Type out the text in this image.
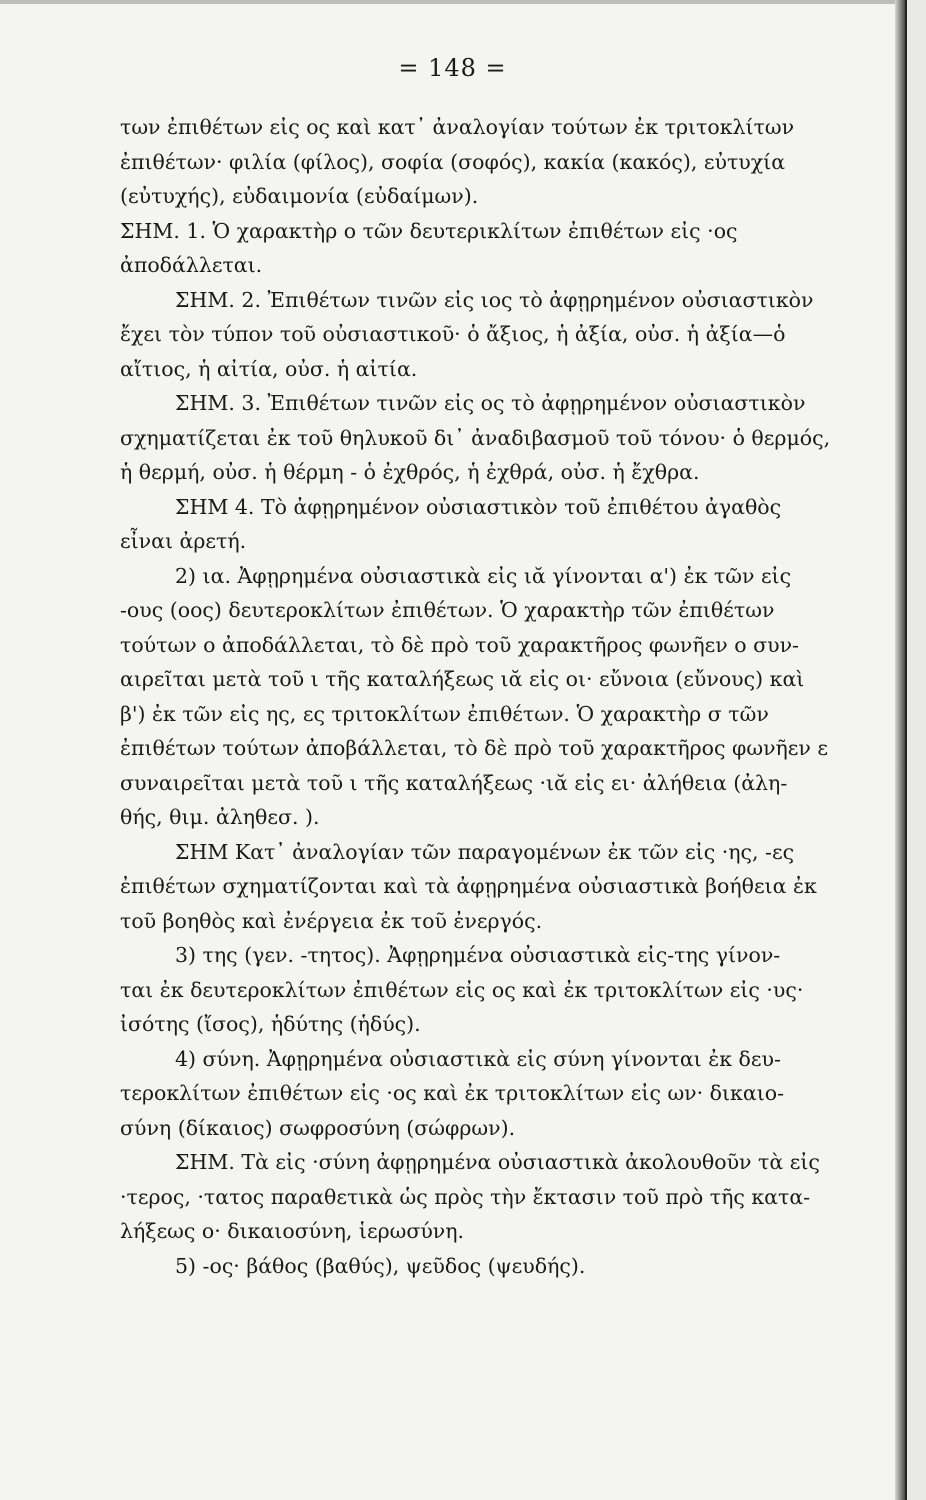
= 148 =
των ἐπιθέτων εἰς ος καὶ κατ᾿ ἀναλογίαν τούτων ἐκ τριτοκλίτων
ἐπιθέτων· φιλία (φίλος), σοφία (σοφός), κακία (κακός), εὐτυχία
(εὐτυχής), εὐδαιμονία (εὐδαίμων).
ΣΗΜ. 1. Ὁ χαρακτὴρ ο τῶν δευτερικλίτων ἐπιθέτων εἰς ·ος
ἀποδάλλεται.
ΣΗΜ. 2. Ἐπιθέτων τινῶν εἰς ιος τὸ ἀφῃρημένον οὐσιαστικὸν
ἔχει τὸν τύπον τοῦ οὐσιαστικοῦ· ὁ ἄξιος, ἡ ἀξία, οὐσ. ἡ ἀξία—ὁ
αἴτιος, ἡ αἰτία, οὐσ. ἡ αἰτία.
ΣΗΜ. 3. Ἐπιθέτων τινῶν εἰς ος τὸ ἀφῃρημένον οὐσιαστικὸν
σχηματίζεται ἐκ τοῦ θηλυκοῦ δι᾿ ἀναδιβασμοῦ τοῦ τόνου· ὁ θερμός,
ἡ θερμή, οὐσ. ἡ θέρμη - ὁ ἐχθρός, ἡ ἐχθρά, οὐσ. ἡ ἔχθρα.
ΣΗΜ 4. Τὸ ἀφῃρημένον οὐσιαστικὸν τοῦ ἐπιθέτου ἀγαθὸς
εἶναι ἀρετή.
2) ια. Ἀφῃρημένα οὐσιαστικὰ εἰς ιᾰ γίνονται α') ἐκ τῶν εἰς
-ους (οος) δευτεροκλίτων ἐπιθέτων. Ὁ χαρακτὴρ τῶν ἐπιθέτων
τούτων ο ἀποδάλλεται, τὸ δὲ πρὸ τοῦ χαρακτῆρος φωνῆεν ο συν-
αιρεῖται μετὰ τοῦ ι τῆς καταλήξεως ιᾰ εἰς οι· εὔνοια (εὔνους) καὶ
β') ἐκ τῶν εἰς ης, ες τριτοκλίτων ἐπιθέτων. Ὁ χαρακτὴρ σ τῶν
ἐπιθέτων τούτων ἀποβάλλεται, τὸ δὲ πρὸ τοῦ χαρακτῆρος φωνῆεν ε
συναιρεῖται μετὰ τοῦ ι τῆς καταλήξεως ·ιᾰ εἰς ει· ἀλήθεια (ἀλη-
θής, θιμ. ἀληθεσ. ).
ΣΗΜ Κατ᾿ ἀναλογίαν τῶν παραγομένων ἐκ τῶν εἰς ·ης, -ες
ἐπιθέτων σχηματίζονται καὶ τὰ ἀφῃρημένα οὐσιαστικὰ βοήθεια ἐκ
τοῦ βοηθὸς καὶ ἐνέργεια ἐκ τοῦ ἐνεργός.
3) της (γεν. -τητος). Ἀφῃρημένα οὐσιαστικὰ εἰς-της γίνον-
ται ἐκ δευτεροκλίτων ἐπιθέτων εἰς ος καὶ ἐκ τριτοκλίτων εἰς ·υς·
ἰσότης (ἴσος), ἡδύτης (ἡδύς).
4) σύνη. Ἀφῃρημένα οὐσιαστικὰ εἰς σύνη γίνονται ἐκ δευ-
τεροκλίτων ἐπιθέτων εἰς ·ος καὶ ἐκ τριτοκλίτων εἰς ων· δικαιο-
σύνη (δίκαιος) σωφροσύνη (σώφρων).
ΣΗΜ. Τὰ εἰς ·σύνη ἀφῃρημένα οὐσιαστικὰ ἀκολουθοῦν τὰ εἰς
·τερος, ·τατος παραθετικὰ ὡς πρὸς τὴν ἔκτασιν τοῦ πρὸ τῆς κατα-
λήξεως ο· δικαιοσύνη, ἱερωσύνη.
5) -ος· βάθος (βαθύς), ψεῦδος (ψευδής).
